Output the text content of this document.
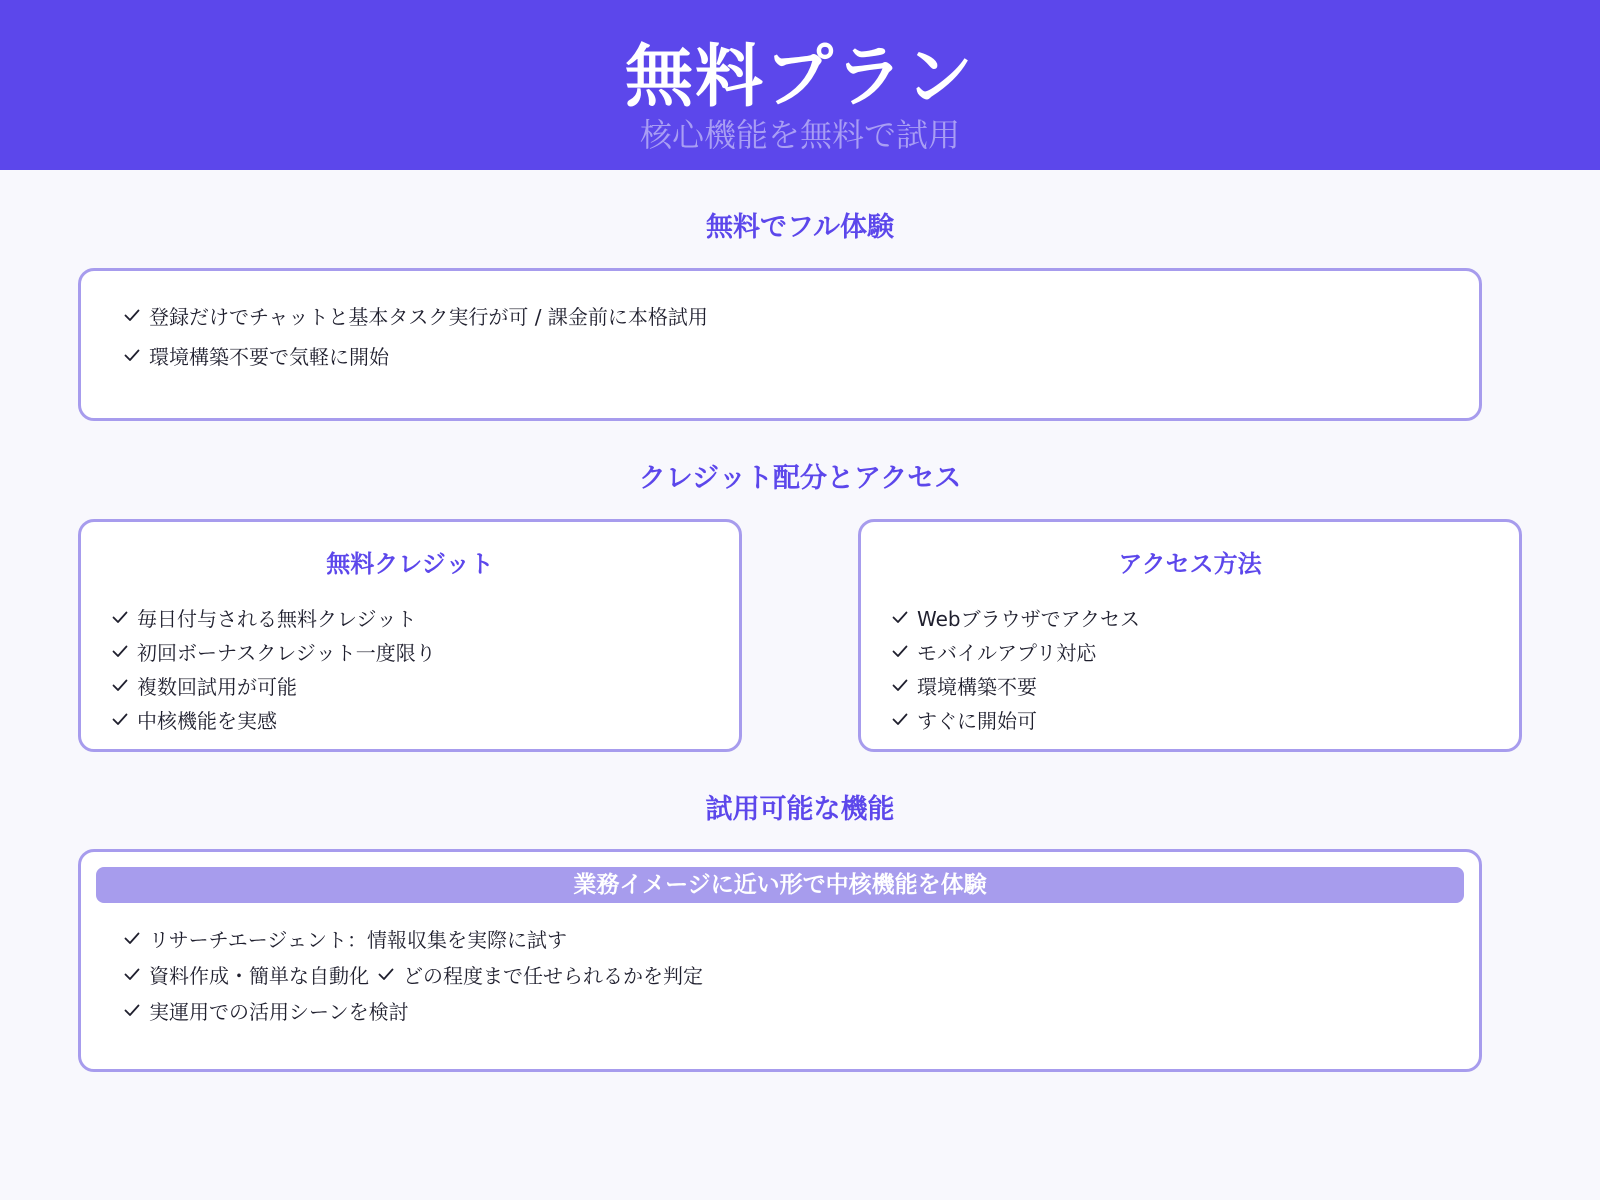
無料プラン
核心機能を無料で試用
無料でフル体験
登録だけでチャットと基本タスク実行が可 / 課金前に本格試用
環境構築不要で気軽に開始
クレジット配分とアクセス
無料クレジット
毎日付与される無料クレジット
初回ボーナスクレジット一度限り
複数回試用が可能
中核機能を実感
アクセス方法
Webブラウザでアクセス
モバイルアプリ対応
環境構築不要
すぐに開始可
試用可能な機能
業務イメージに近い形で中核機能を体験
リサーチエージェント：情報収集を実際に試す
資料作成・簡単な自動化 どの程度まで任せられるかを判定
実運用での活用シーンを検討
